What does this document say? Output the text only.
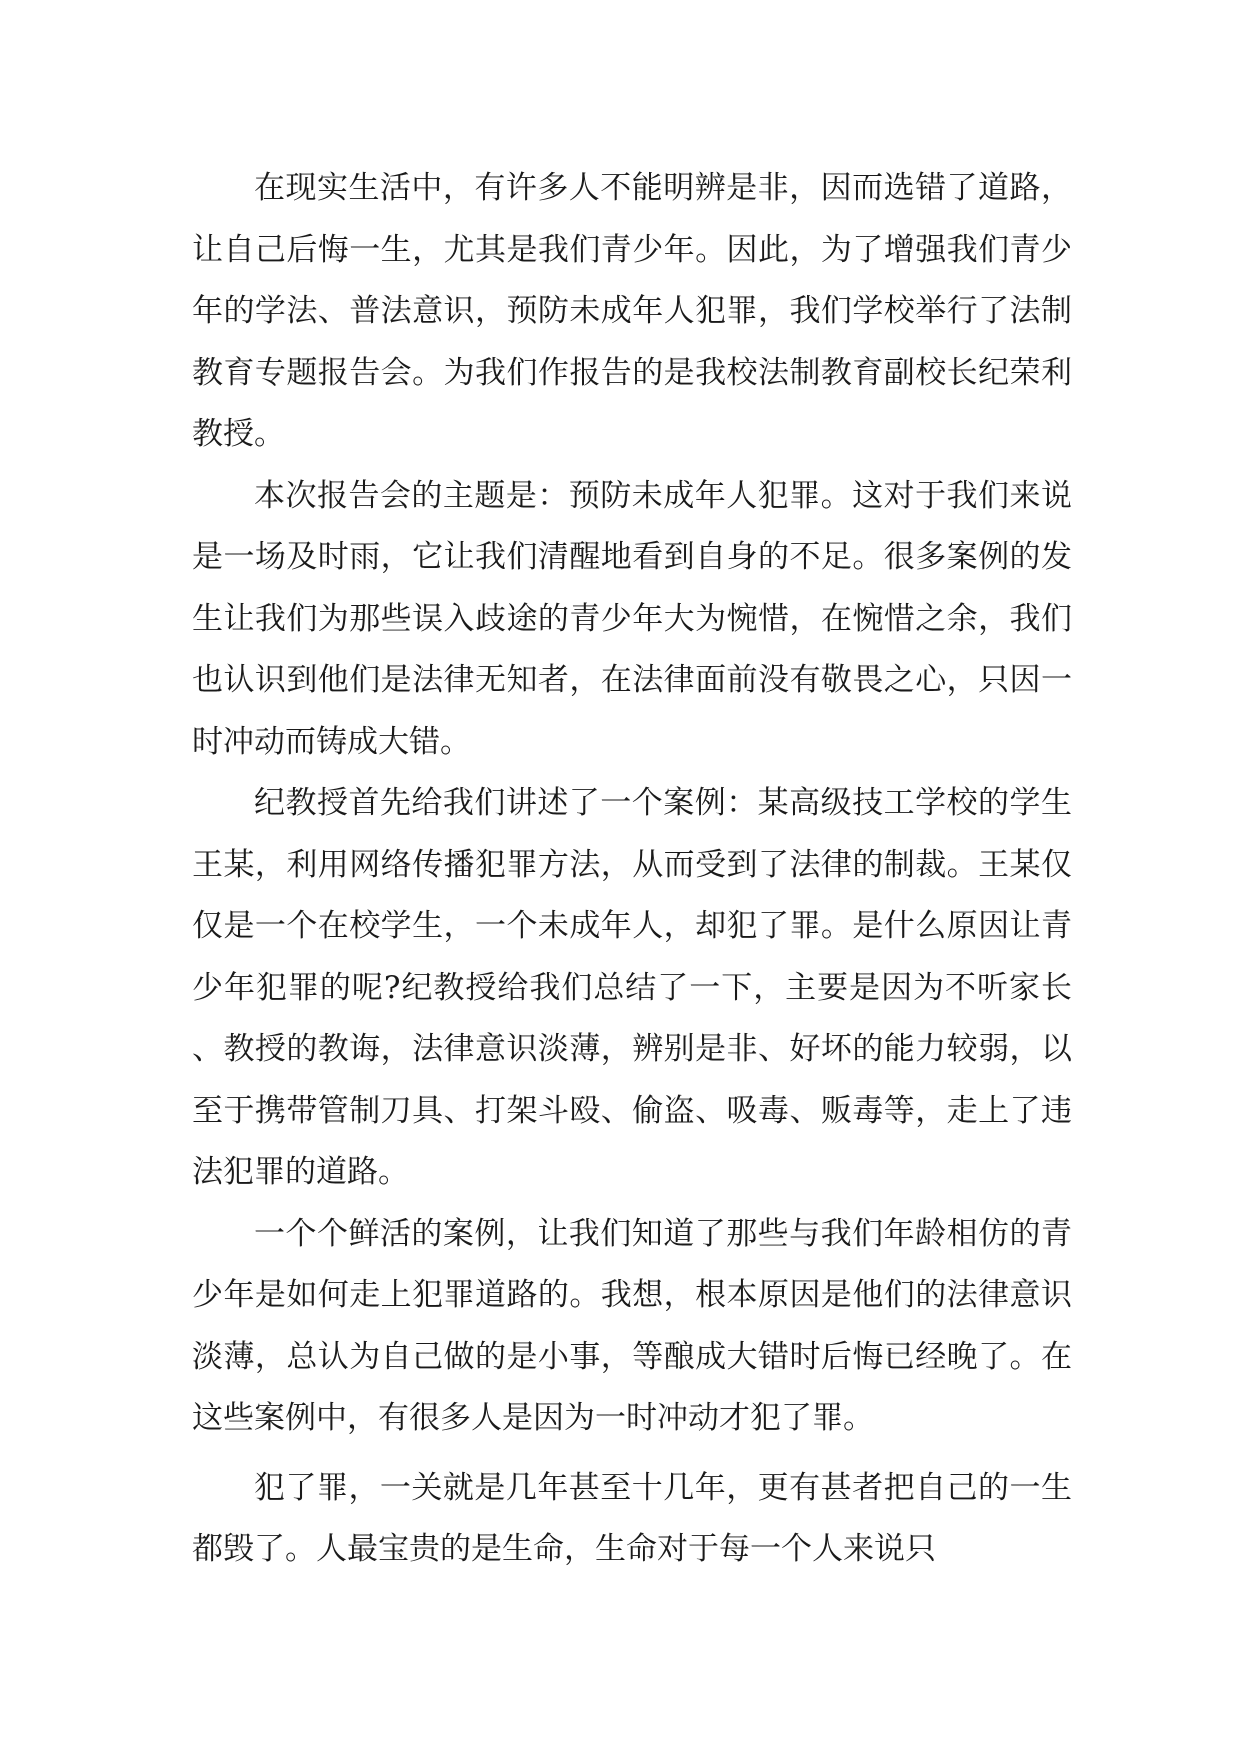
在现实生活中，有许多人不能明辨是非，因而选错了道路，让自己后悔一生，尤其是我们青少年。因此，为了增强我们青少年的学法、普法意识，预防未成年人犯罪，我们学校举行了法制教育专题报告会。为我们作报告的是我校法制教育副校长纪荣利教授。

本次报告会的主题是：预防未成年人犯罪。这对于我们来说是一场及时雨，它让我们清醒地看到自身的不足。很多案例的发生让我们为那些误入歧途的青少年大为惋惜，在惋惜之余，我们也认识到他们是法律无知者，在法律面前没有敬畏之心，只因一时冲动而铸成大错。

纪教授首先给我们讲述了一个案例：某高级技工学校的学生王某，利用网络传播犯罪方法，从而受到了法律的制裁。王某仅仅是一个在校学生，一个未成年人，却犯了罪。是什么原因让青少年犯罪的呢?纪教授给我们总结了一下，主要是因为不听家长、教授的教诲，法律意识淡薄，辨别是非、好坏的能力较弱，以至于携带管制刀具、打架斗殴、偷盗、吸毒、贩毒等，走上了违法犯罪的道路。

一个个鲜活的案例，让我们知道了那些与我们年龄相仿的青少年是如何走上犯罪道路的。我想，根本原因是他们的法律意识淡薄，总认为自己做的是小事，等酿成大错时后悔已经晚了。在这些案例中，有很多人是因为一时冲动才犯了罪。

犯了罪，一关就是几年甚至十几年，更有甚者把自己的一生都毁了。人最宝贵的是生命，生命对于每一个人来说只
